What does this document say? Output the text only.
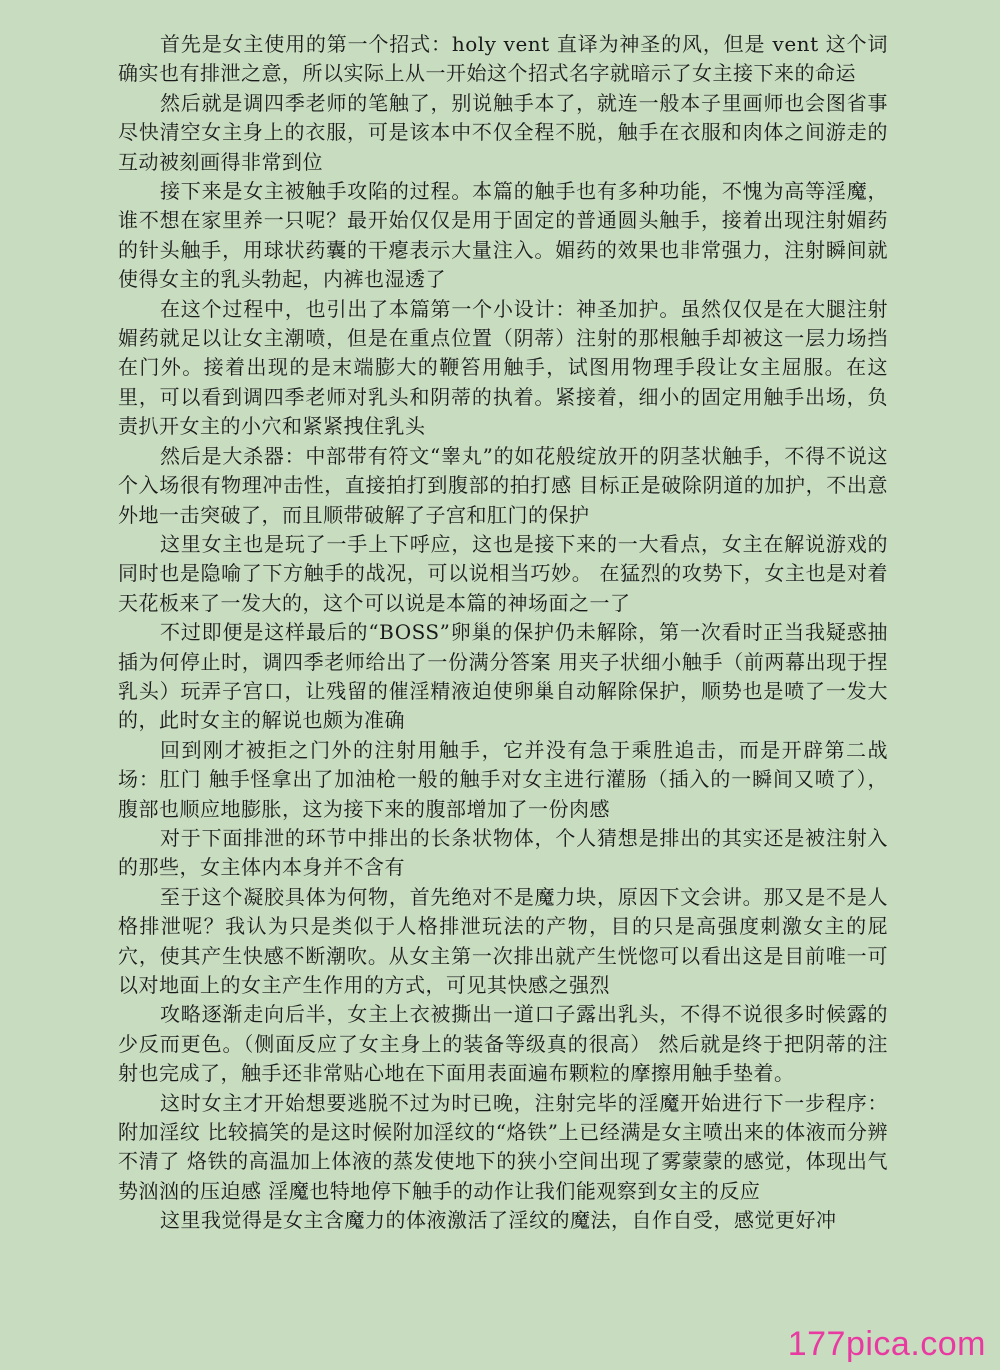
首先是女主使用的第一个招式：holy vent 直译为神圣的风，但是 vent 这个词确实也有排泄之意，所以实际上从一开始这个招式名字就暗示了女主接下来的命运

然后就是调四季老师的笔触了，别说触手本了，就连一般本子里画师也会图省事尽快清空女主身上的衣服，可是该本中不仅全程不脱，触手在衣服和肉体之间游走的互动被刻画得非常到位

接下来是女主被触手攻陷的过程。本篇的触手也有多种功能，不愧为高等淫魔，谁不想在家里养一只呢？最开始仅仅是用于固定的普通圆头触手，接着出现注射媚药的针头触手，用球状药囊的干瘪表示大量注入。媚药的效果也非常强力，注射瞬间就使得女主的乳头勃起，内裤也湿透了

在这个过程中，也引出了本篇第一个小设计：神圣加护。虽然仅仅是在大腿注射媚药就足以让女主潮喷，但是在重点位置（阴蒂）注射的那根触手却被这一层力场挡在门外。接着出现的是末端膨大的鞭笞用触手，试图用物理手段让女主屈服。在这里，可以看到调四季老师对乳头和阴蒂的执着。紧接着，细小的固定用触手出场，负责扒开女主的小穴和紧紧拽住乳头

然后是大杀器：中部带有符文“睾丸”的如花般绽放开的阴茎状触手，不得不说这个入场很有物理冲击性，直接拍打到腹部的拍打感 目标正是破除阴道的加护，不出意外地一击突破了，而且顺带破解了子宫和肛门的保护

这里女主也是玩了一手上下呼应，这也是接下来的一大看点，女主在解说游戏的同时也是隐喻了下方触手的战况，可以说相当巧妙。 在猛烈的攻势下，女主也是对着天花板来了一发大的，这个可以说是本篇的神场面之一了

不过即便是这样最后的“BOSS”卵巢的保护仍未解除，第一次看时正当我疑惑抽插为何停止时，调四季老师给出了一份满分答案 用夹子状细小触手（前两幕出现于捏乳头）玩弄子宫口，让残留的催淫精液迫使卵巢自动解除保护，顺势也是喷了一发大的，此时女主的解说也颇为准确

回到刚才被拒之门外的注射用触手，它并没有急于乘胜追击，而是开辟第二战场：肛门 触手怪拿出了加油枪一般的触手对女主进行灌肠（插入的一瞬间又喷了），腹部也顺应地膨胀，这为接下来的腹部增加了一份肉感

对于下面排泄的环节中排出的长条状物体，个人猜想是排出的其实还是被注射入的那些，女主体内本身并不含有

至于这个凝胶具体为何物，首先绝对不是魔力块，原因下文会讲。那又是不是人格排泄呢？我认为只是类似于人格排泄玩法的产物，目的只是高强度刺激女主的屁穴，使其产生快感不断潮吹。从女主第一次排出就产生恍惚可以看出这是目前唯一可以对地面上的女主产生作用的方式，可见其快感之强烈

攻略逐渐走向后半，女主上衣被撕出一道口子露出乳头，不得不说很多时候露的少反而更色。（侧面反应了女主身上的装备等级真的很高） 然后就是终于把阴蒂的注射也完成了，触手还非常贴心地在下面用表面遍布颗粒的摩擦用触手垫着。

这时女主才开始想要逃脱不过为时已晚，注射完毕的淫魔开始进行下一步程序：附加淫纹 比较搞笑的是这时候附加淫纹的“烙铁”上已经满是女主喷出来的体液而分辨不清了 烙铁的高温加上体液的蒸发使地下的狭小空间出现了雾蒙蒙的感觉，体现出气势汹汹的压迫感 淫魔也特地停下触手的动作让我们能观察到女主的反应

这里我觉得是女主含魔力的体液激活了淫纹的魔法，自作自受，感觉更好冲

177pica.com
